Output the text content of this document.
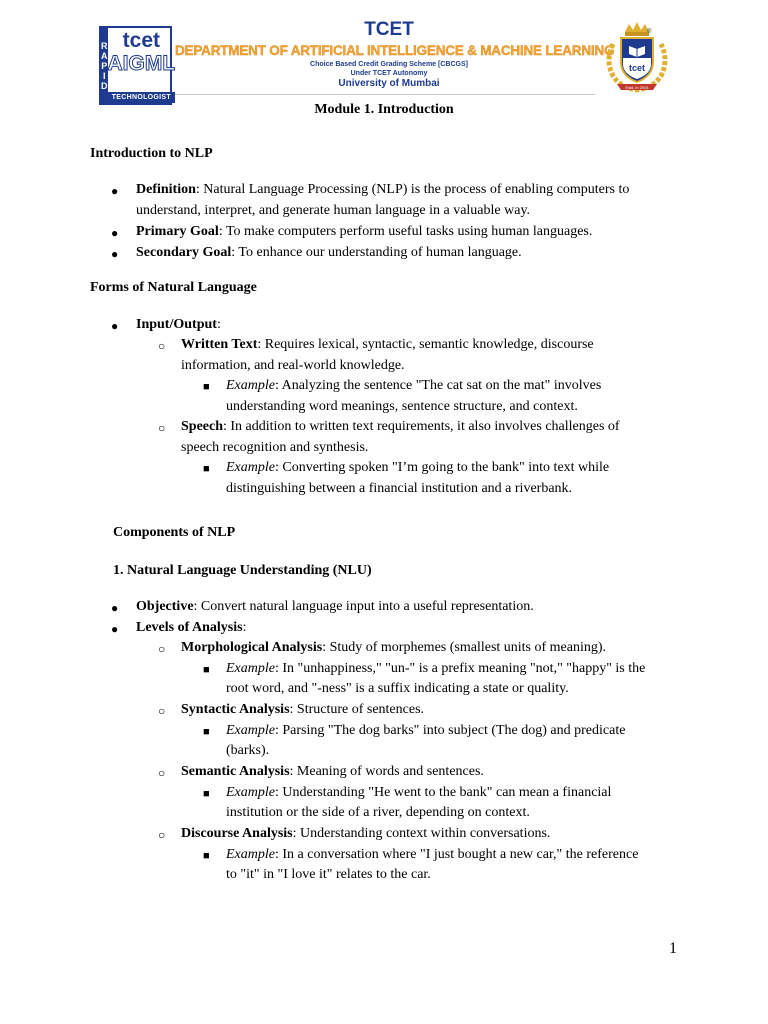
R
A
P
I
D
tcet
AIGML
TECHNOLOGIST
TCET
DEPARTMENT OF ARTIFICIAL INTELLIGENCE & MACHINE LEARNING
Choice Based Credit Grading Scheme [CBCGS]
Under TCET Autonomy
University of Mumbai	Estd. in 2001
tcet
®
Module 1. Introduction
Introduction to NLP
● Definition: Natural Language Processing (NLP) is the process of enabling computers to
understand, interpret, and generate human language in a valuable way.
● Primary Goal: To make computers perform useful tasks using human languages.
● Secondary Goal: To enhance our understanding of human language.
Forms of Natural Language
● Input/Output:
○ Written Text: Requires lexical, syntactic, semantic knowledge, discourse
information, and real-world knowledge.
■ Example: Analyzing the sentence "The cat sat on the mat" involves
understanding word meanings, sentence structure, and context.
○ Speech: In addition to written text requirements, it also involves challenges of
speech recognition and synthesis.
■ Example: Converting spoken "I’m going to the bank" into text while
distinguishing between a financial institution and a riverbank.
Components of NLP
1. Natural Language Understanding (NLU)
● Objective: Convert natural language input into a useful representation.
● Levels of Analysis:
○ Morphological Analysis: Study of morphemes (smallest units of meaning).
■ Example: In "unhappiness," "un-" is a prefix meaning "not," "happy" is the
root word, and "-ness" is a suffix indicating a state or quality.
○ Syntactic Analysis: Structure of sentences.
■ Example: Parsing "The dog barks" into subject (The dog) and predicate
(barks).
○ Semantic Analysis: Meaning of words and sentences.
■ Example: Understanding "He went to the bank" can mean a financial
institution or the side of a river, depending on context.
○ Discourse Analysis: Understanding context within conversations.
■ Example: In a conversation where "I just bought a new car," the reference
to "it" in "I love it" relates to the car.
1
